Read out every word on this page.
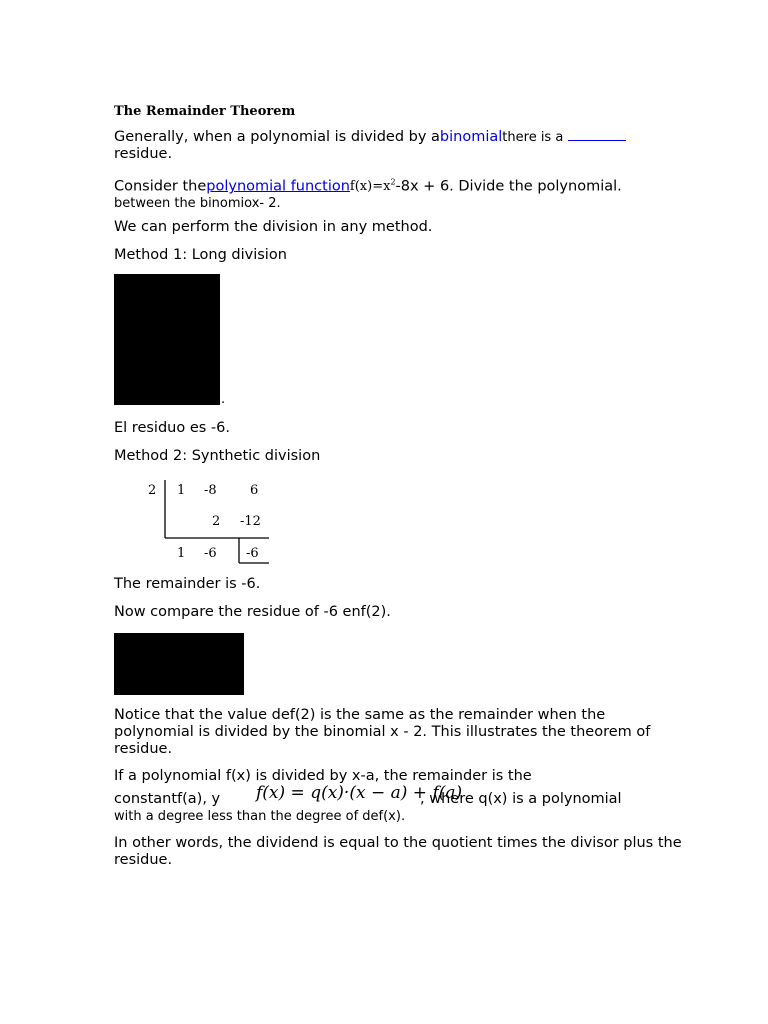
The Remainder Theorem
Generally, when a polynomial is divided by abinomialthere is a
residue.
Consider thepolynomial $functionf(x)=x^2-8x + 6$. Divide the polynomial.
between the binomiox- 2.
We can perform the division in any method.
Method 1: Long division
.
El residuo es -6.
Method 2: Synthetic division
2 1 -8	6
2 -12
1 -6 -6
The remainder is -6.
Now compare the residue of -6 enf(2).
Notice that the value def(2) is the same as the remainder when the
polynomial is divided by the binomial x - 2. This illustrates the theorem of
residue.
If a polynomial f(x) is divided by x-a, the remainder is the
constantf(a), y	f(x) = q(x)·(x − a) + f(a)
, where q(x) is a polynomial
with a degree less than the degree of def(x).
In other words, the dividend is equal to the quotient times the divisor plus the
residue.
